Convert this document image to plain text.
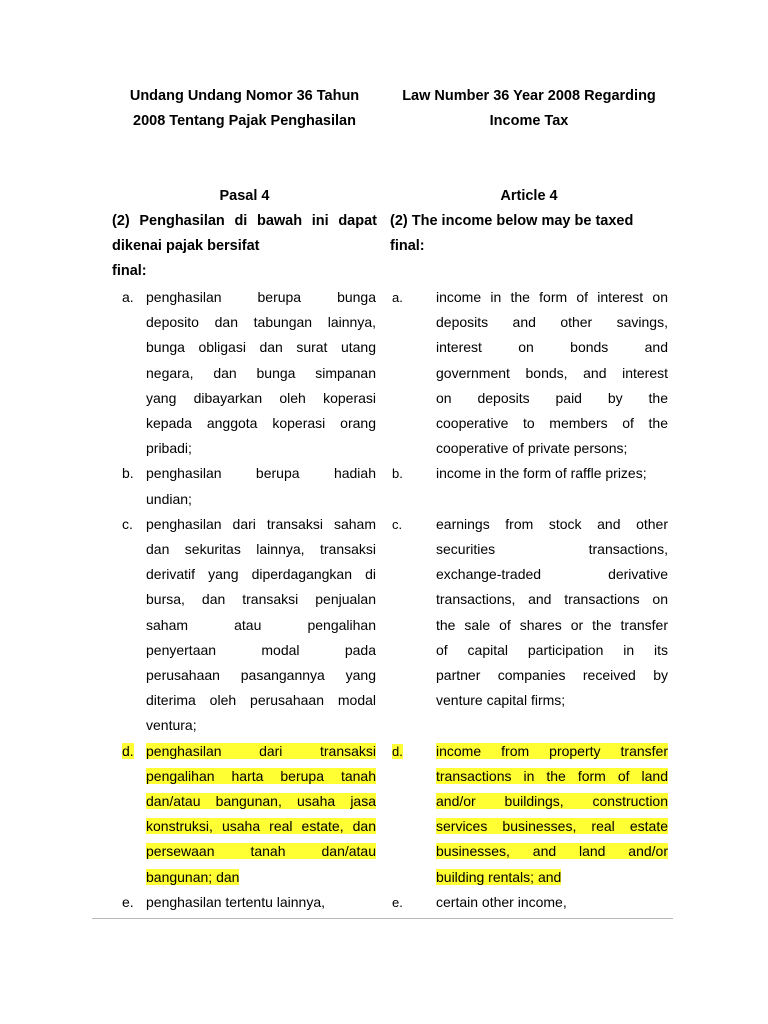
Undang Undang Nomor 36 Tahun
2008 Tentang Pajak Penghasilan
Pasal 4
(2) Penghasilan di bawah ini dapat
dikenai pajak bersifat
final:
a. penghasilan berupa bunga
deposito dan tabungan lainnya,
bunga obligasi dan surat utang
negara, dan bunga simpanan
yang dibayarkan oleh koperasi
kepada anggota koperasi orang
pribadi;
b. penghasilan berupa hadiah
undian;
c. penghasilan dari transaksi saham
dan sekuritas lainnya, transaksi
derivatif yang diperdagangkan di
bursa, dan transaksi penjualan
saham atau pengalihan
penyertaan modal pada
perusahaan pasangannya yang
diterima oleh perusahaan modal
ventura;
d. penghasilan dari transaksi
pengalihan harta berupa tanah
dan/atau bangunan, usaha jasa
konstruksi, usaha real estate, dan
persewaan tanah dan/atau
bangunan; dan
e. penghasilan tertentu lainnya,
Law Number 36 Year 2008 Regarding
Income Tax
Article 4
(2) The income below may be taxed
final:
a. income in the form of interest on
deposits and other savings,
interest on bonds and
government bonds, and interest
on deposits paid by the
cooperative to members of the
cooperative of private persons;
b. income in the form of raffle prizes;
c. earnings from stock and other
securities transactions,
exchange-traded derivative
transactions, and transactions on
the sale of shares or the transfer
of capital participation in its
partner companies received by
venture capital firms;
d. income from property transfer
transactions in the form of land
and/or buildings, construction
services businesses, real estate
businesses, and land and/or
building rentals; and
e. certain other income,
